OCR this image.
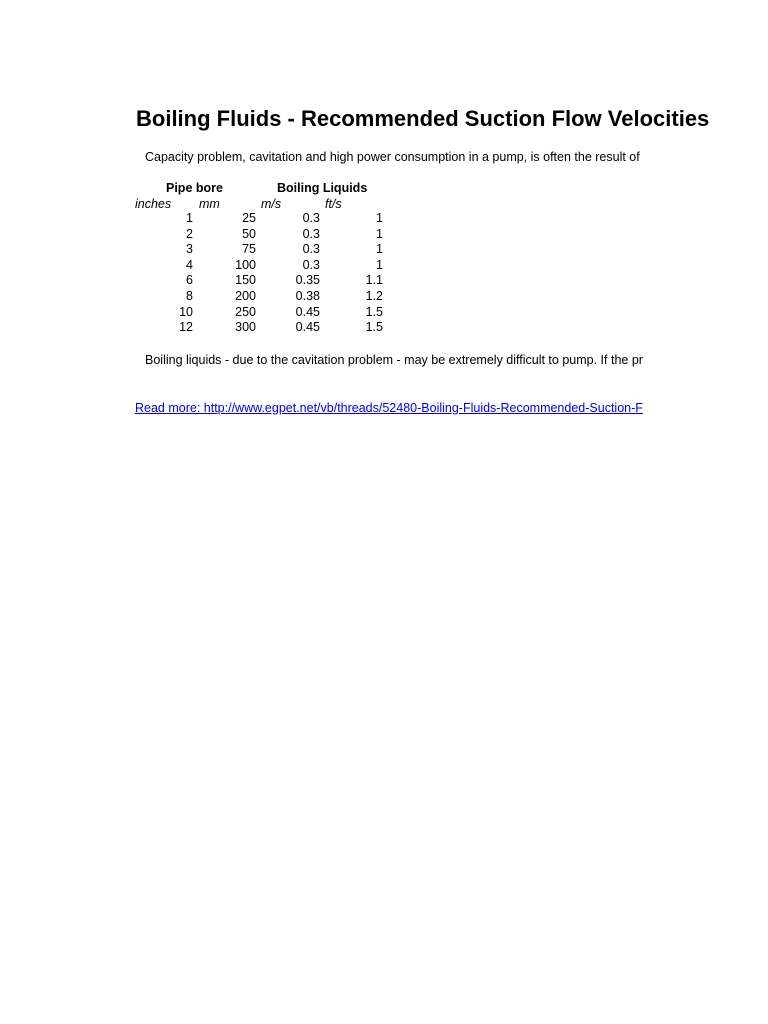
Boiling Fluids - Recommended Suction Flow Velocities
Capacity problem, cavitation and high power consumption in a pump, is often the result of
Pipe bore	Boiling Liquids
inches mm	m/s	ft/s
1	25	0.3	1
2	50	0.3	1
3	75	0.3	1
4	100	0.3	1
6	150	0.35	1.1
8	200	0.38	1.2
10	250	0.45	1.5
12	300	0.45	1.5
Boiling liquids - due to the cavitation problem - may be extremely difficult to pump. If the pr
Read more: http://www.egpet.net/vb/threads/52480-Boiling-Fluids-Recommended-Suction-F
